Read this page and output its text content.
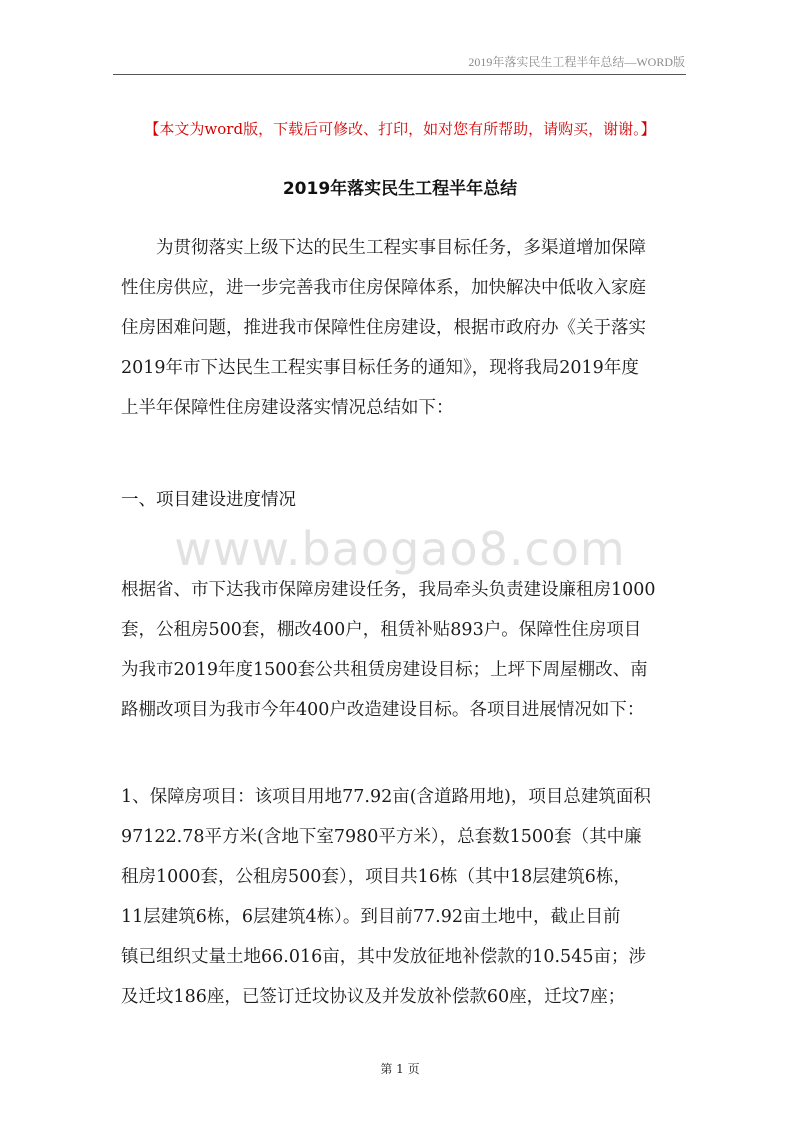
2019年落实民生工程半年总结—WORD版
【本文为word版，下载后可修改、打印，如对您有所帮助，请购买，谢谢。】
2019年落实民生工程半年总结

为贯彻落实上级下达的民生工程实事目标任务，多渠道增加保障
性住房供应，进一步完善我市住房保障体系，加快解决中低收入家庭
住房困难问题，推进我市保障性住房建设，根据市政府办《关于落实
2019年市下达民生工程实事目标任务的通知》，现将我局2019年度
上半年保障性住房建设落实情况总结如下：

一、项目建设进度情况
www.baogao8.com

根据省、市下达我市保障房建设任务，我局牵头负责建设廉租房1000
套，公租房500套，棚改400户，租赁补贴893户。保障性住房项目
为我市2019年度1500套公共租赁房建设目标；上坪下周屋棚改、南
路棚改项目为我市今年400户改造建设目标。各项目进展情况如下：

1、保障房项目：该项目用地77.92亩(含道路用地)，项目总建筑面积
97122.78平方米(含地下室7980平方米），总套数1500套（其中廉
租房1000套，公租房500套），项目共16栋（其中18层建筑6栋，
11层建筑6栋，6层建筑4栋）。到目前77.92亩土地中，截止目前
镇已组织丈量土地66.016亩，其中发放征地补偿款的10.545亩；涉
及迁坟186座，已签订迁坟协议及并发放补偿款60座，迁坟7座；

第 1 页
